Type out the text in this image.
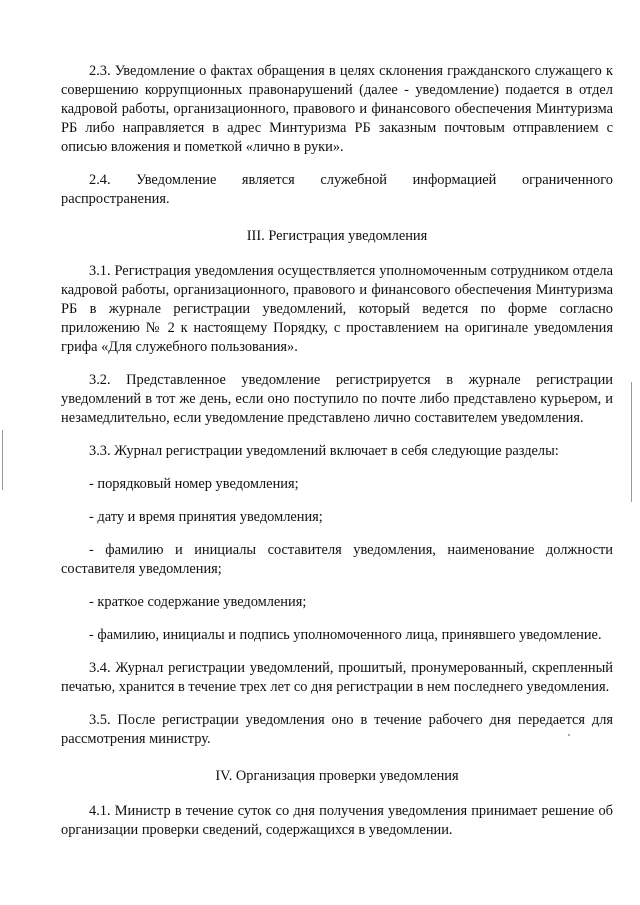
2.3. Уведомление о фактах обращения в целях склонения гражданского служащего к совершению коррупционных правонарушений (далее - уведомление) подается в отдел кадровой работы, организационного, правового и финансового обеспечения Минтуризма РБ либо направляется в адрес Минтуризма РБ заказным почтовым отправлением с описью вложения и пометкой «лично в руки».

2.4. Уведомление является служебной информацией ограниченного распространения.

III. Регистрация уведомления

3.1. Регистрация уведомления осуществляется уполномоченным сотрудником отдела кадровой работы, организационного, правового и финансового обеспечения Минтуризма РБ в журнале регистрации уведомлений, который ведется по форме согласно приложению № 2 к настоящему Порядку, с проставлением на оригинале уведомления грифа «Для служебного пользования».

3.2. Представленное уведомление регистрируется в журнале регистрации уведомлений в тот же день, если оно поступило по почте либо представлено курьером, и незамедлительно, если уведомление представлено лично составителем уведомления.

3.3. Журнал регистрации уведомлений включает в себя следующие разделы:

- порядковый номер уведомления;

- дату и время принятия уведомления;

- фамилию и инициалы составителя уведомления, наименование должности составителя уведомления;

- краткое содержание уведомления;

- фамилию, инициалы и подпись уполномоченного лица, принявшего уведомление.

3.4. Журнал регистрации уведомлений, прошитый, пронумерованный, скрепленный печатью, хранится в течение трех лет со дня регистрации в нем последнего уведомления.

3.5. После регистрации уведомления оно в течение рабочего дня передается для рассмотрения министру.

IV. Организация проверки уведомления

4.1. Министр в течение суток со дня получения уведомления принимает решение об организации проверки сведений, содержащихся в уведомлении.
